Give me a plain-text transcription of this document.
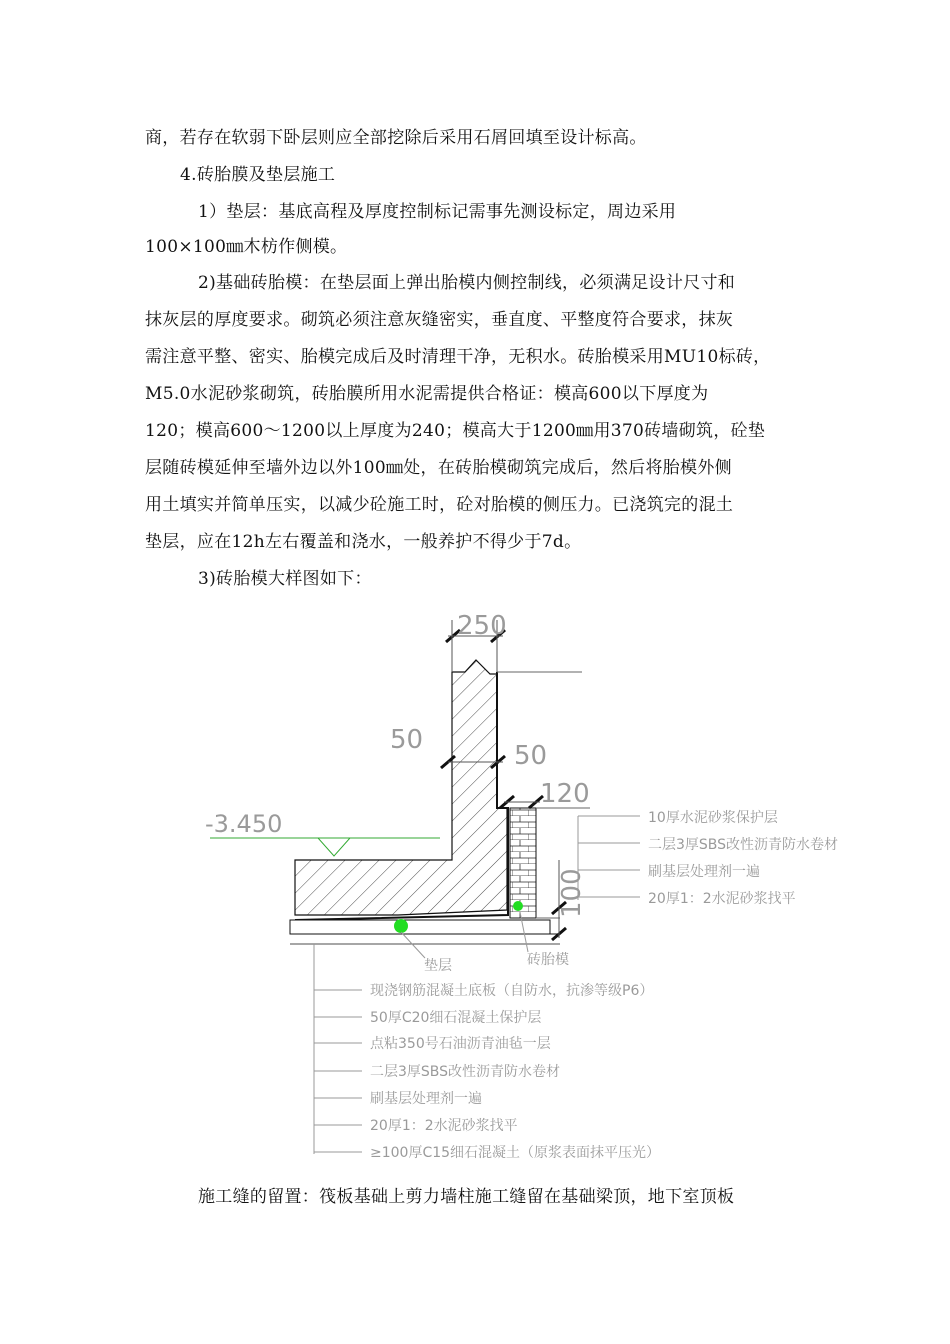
商，若存在软弱下卧层则应全部挖除后采用石屑回填至设计标高。
4.砖胎膜及垫层施工
1）垫层：基底高程及厚度控制标记需事先测设标定，周边采用
100×100㎜木枋作侧模。
2)基础砖胎模：在垫层面上弹出胎模内侧控制线，必须满足设计尺寸和
抹灰层的厚度要求。砌筑必须注意灰缝密实，垂直度、平整度符合要求，抹灰
需注意平整、密实、胎模完成后及时清理干净，无积水。砖胎模采用MU10标砖，
M5.0水泥砂浆砌筑，砖胎膜所用水泥需提供合格证：模高600以下厚度为
120；模高600～1200以上厚度为240；模高大于1200㎜用370砖墙砌筑，砼垫
层随砖模延伸至墙外边以外100㎜处，在砖胎模砌筑完成后，然后将胎模外侧
用土填实并简单压实，以减少砼施工时，砼对胎模的侧压力。已浇筑完的混土
垫层，应在12h左右覆盖和浇水，一般养护不得少于7d。
3)砖胎模大样图如下：
250
50
50
120
100
-3.450	10厚水泥砂浆保护层
二层3厚SBS改性沥青防水卷材
刷基层处理剂一遍
20厚1：2水泥砂浆找平
垫层	砖胎模
现浇钢筋混凝土底板（自防水，抗渗等级P6）
50厚C20细石混凝土保护层
点粘350号石油沥青油毡一层
二层3厚SBS改性沥青防水卷材
刷基层处理剂一遍
20厚1：2水泥砂浆找平
≥100厚C15细石混凝土（原浆表面抹平压光）
施工缝的留置：筏板基础上剪力墙柱施工缝留在基础梁顶，地下室顶板
